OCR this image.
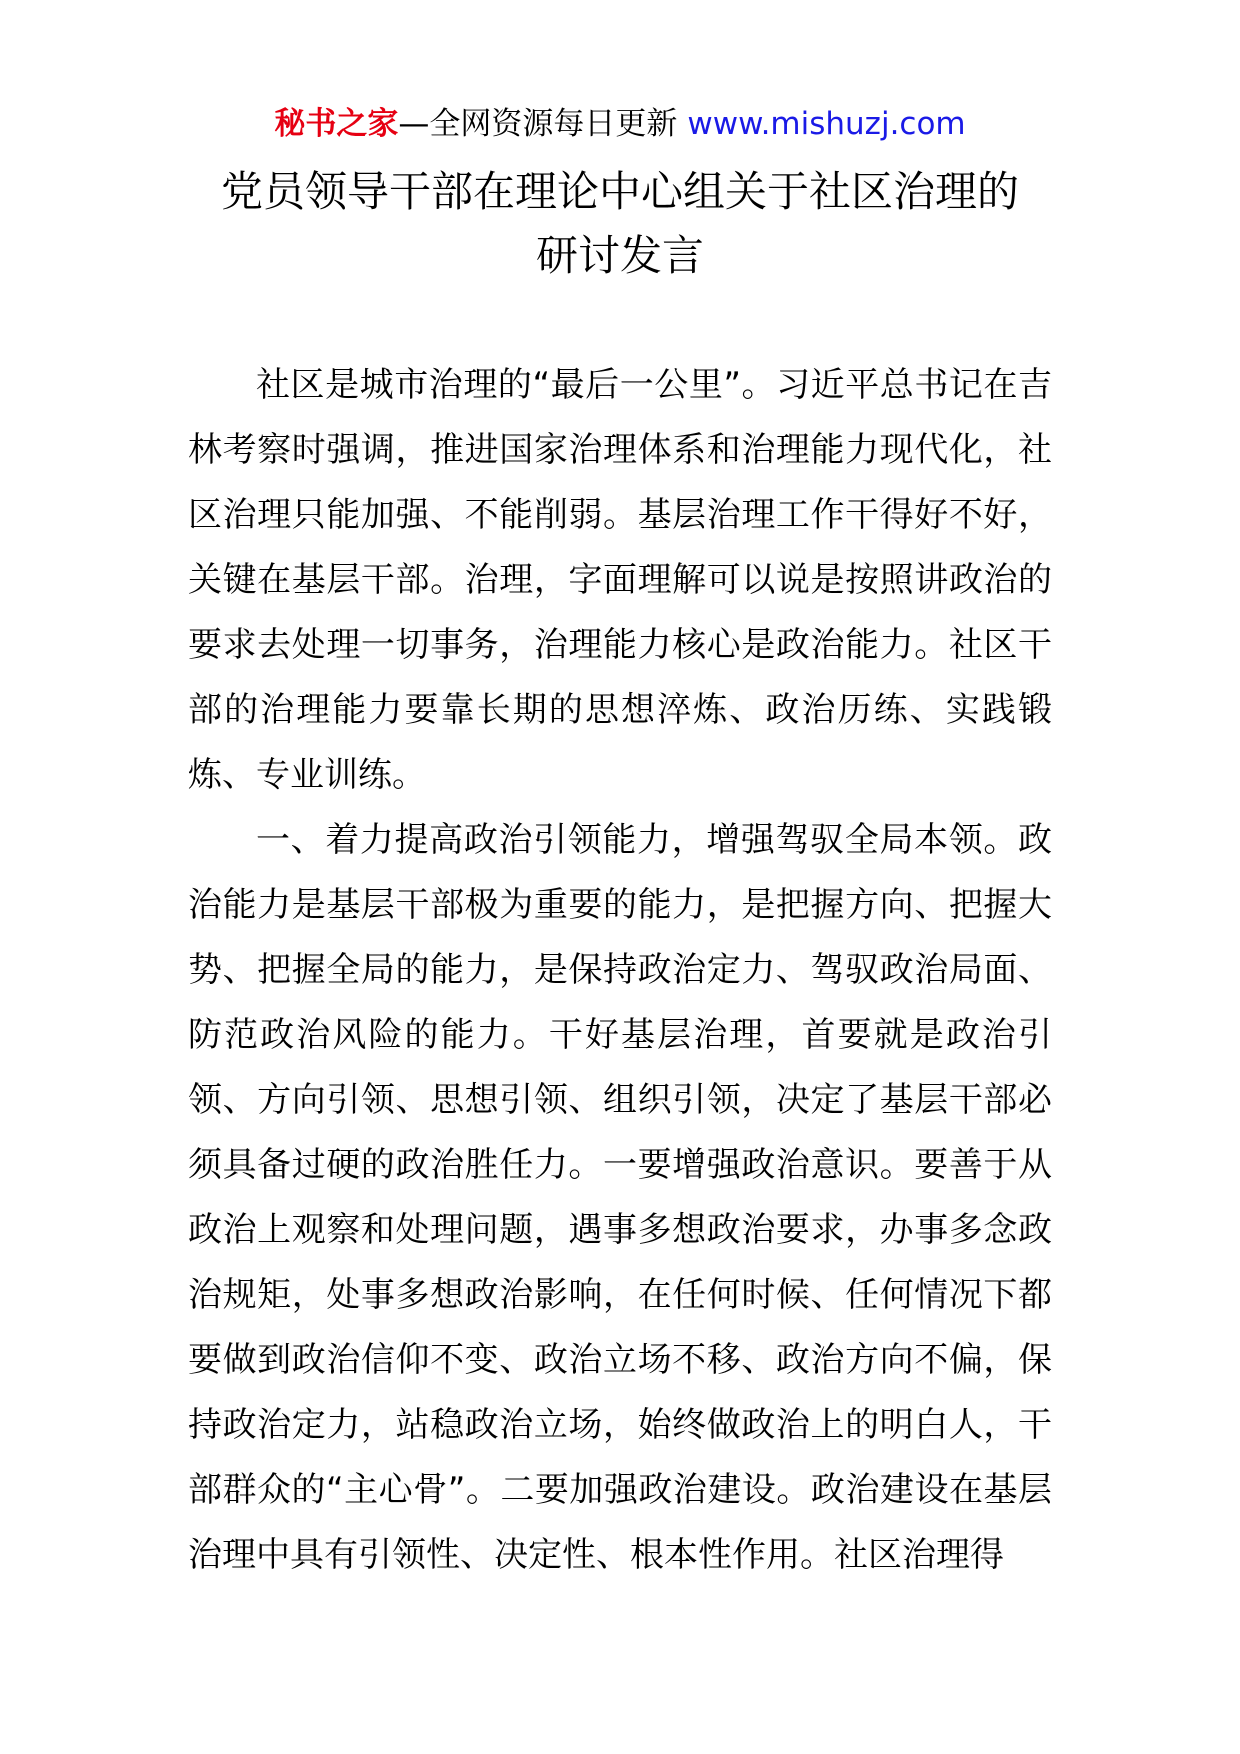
秘书之家—全网资源每日更新 www.mishuzj.com
党员领导干部在理论中心组关于社区治理的
研讨发言

社区是城市治理的“最后一公里”。习近平总书记在吉林考察时强调，推进国家治理体系和治理能力现代化，社区治理只能加强、不能削弱。基层治理工作干得好不好，关键在基层干部。治理，字面理解可以说是按照讲政治的要求去处理一切事务，治理能力核心是政治能力。社区干部的治理能力要靠长期的思想淬炼、政治历练、实践锻炼、专业训练。

一、着力提高政治引领能力，增强驾驭全局本领。政治能力是基层干部极为重要的能力，是把握方向、把握大势、把握全局的能力，是保持政治定力、驾驭政治局面、防范政治风险的能力。干好基层治理，首要就是政治引领、方向引领、思想引领、组织引领，决定了基层干部必须具备过硬的政治胜任力。一要增强政治意识。要善于从政治上观察和处理问题，遇事多想政治要求，办事多念政治规矩，处事多想政治影响，在任何时候、任何情况下都要做到政治信仰不变、政治立场不移、政治方向不偏，保持政治定力，站稳政治立场，始终做政治上的明白人，干部群众的“主心骨”。二要加强政治建设。政治建设在基层治理中具有引领性、决定性、根本性作用。社区治理得
